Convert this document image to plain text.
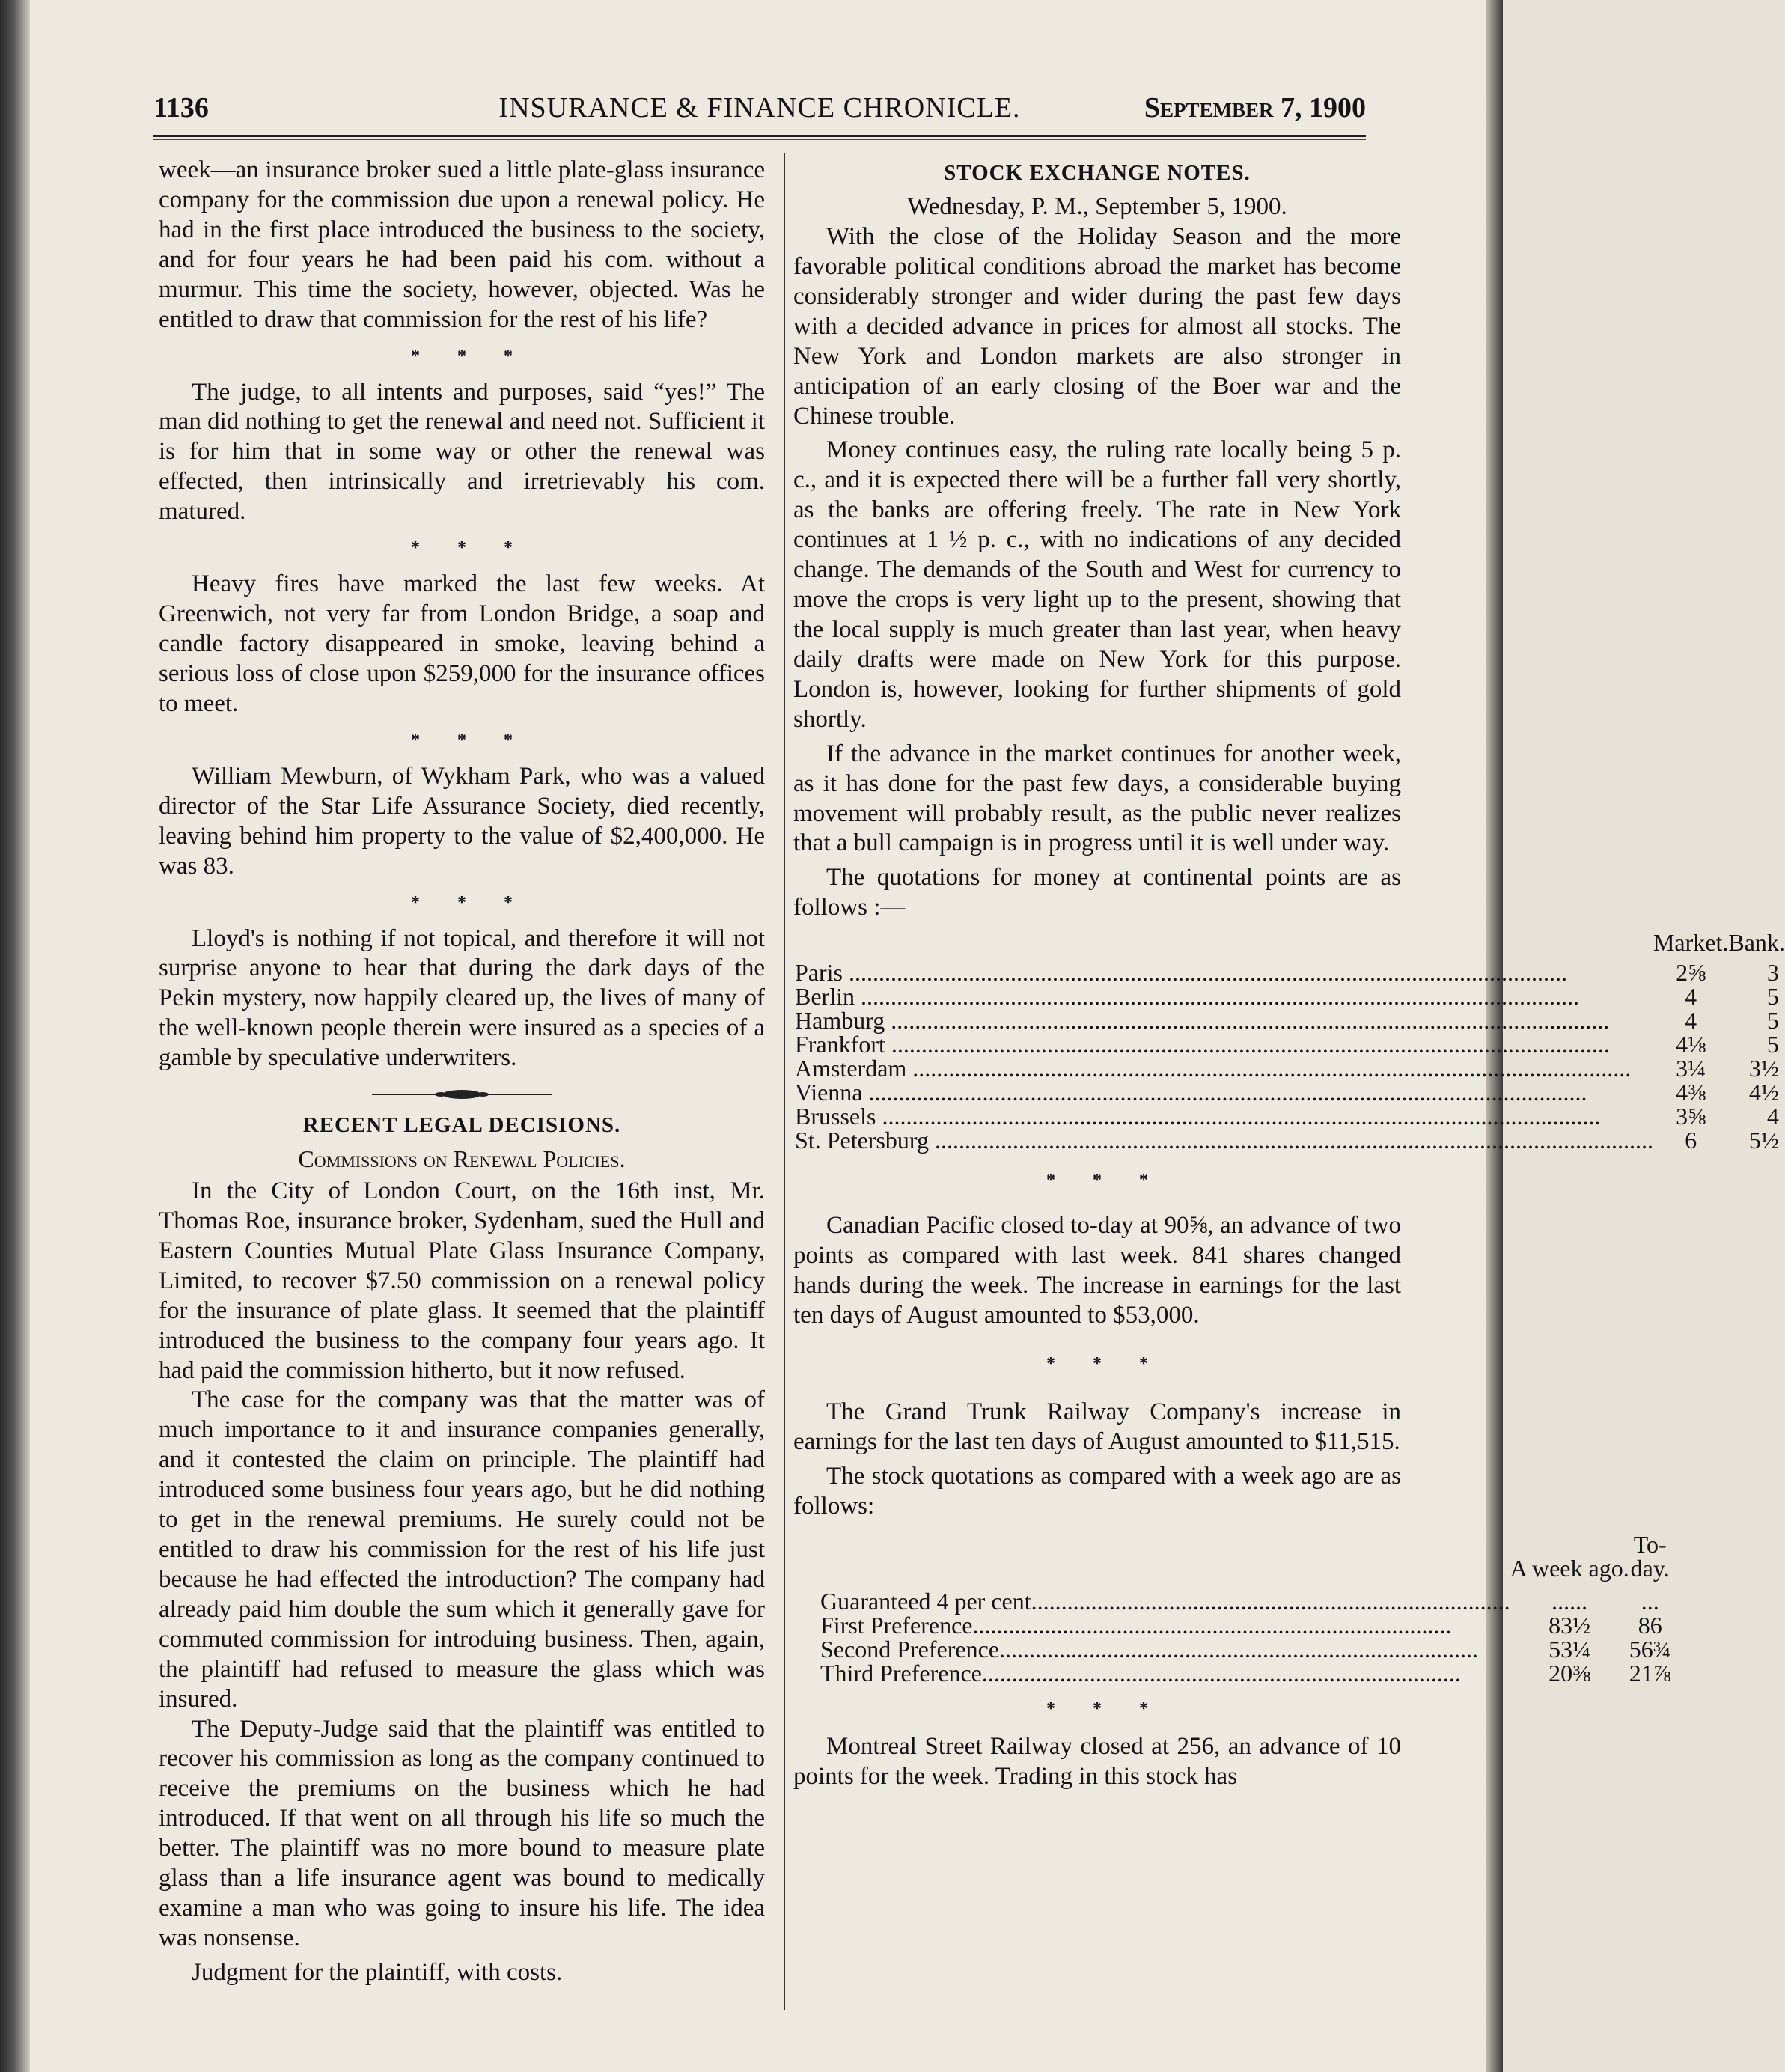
INSURANCE & FINANCE CHRONICLE.
1136	September 7, 1900

week—an insurance broker sued a little plate-glass insurance company for the commission due upon a renewal policy. He had in the first place introduced the business to the society, and for four years he had been paid his com. without a murmur. This time the society, however, objected. Was he entitled to draw that commission for the rest of his life?

* * *

The judge, to all intents and purposes, said “yes!” The man did nothing to get the renewal and need not. Sufficient it is for him that in some way or other the renewal was effected, then intrinsically and irretrievably his com. matured.

* * *

Heavy fires have marked the last few weeks. At Greenwich, not very far from London Bridge, a soap and candle factory disappeared in smoke, leaving behind a serious loss of close upon $259,000 for the insurance offices to meet.

* * *

William Mewburn, of Wykham Park, who was a valued director of the Star Life Assurance Society, died recently, leaving behind him property to the value of $2,400,000. He was 83.

* * *

Lloyd's is nothing if not topical, and therefore it will not surprise anyone to hear that during the dark days of the Pekin mystery, now happily cleared up, the lives of many of the well-known people therein were insured as a species of a gamble by speculative underwriters.

RECENT LEGAL DECISIONS.
Commissions on Renewal Policies.

In the City of London Court, on the 16th inst, Mr. Thomas Roe, insurance broker, Sydenham, sued the Hull and Eastern Counties Mutual Plate Glass Insurance Company, Limited, to recover $7.50 commission on a renewal policy for the insurance of plate glass. It seemed that the plaintiff introduced the business to the company four years ago. It had paid the commission hitherto, but it now refused.

The case for the company was that the matter was of much importance to it and insurance companies generally, and it contested the claim on principle. The plaintiff had introduced some business four years ago, but he did nothing to get in the renewal premiums. He surely could not be entitled to draw his commission for the rest of his life just because he had effected the introduction? The company had already paid him double the sum which it generally gave for commuted commission for introduing business. Then, again, the plaintiff had refused to measure the glass which was insured.

The Deputy-Judge said that the plaintiff was entitled to recover his commission as long as the company continued to receive the premiums on the business which he had introduced. If that went on all through his life so much the better. The plaintiff was no more bound to measure plate glass than a life insurance agent was bound to medically examine a man who was going to insure his life. The idea was nonsense.

Judgment for the plaintiff, with costs.

STOCK EXCHANGE NOTES.

Wednesday, P. M., September 5, 1900.

With the close of the Holiday Season and the more favorable political conditions abroad the market has become considerably stronger and wider during the past few days with a decided advance in prices for almost all stocks. The New York and London markets are also stronger in anticipation of an early closing of the Boer war and the Chinese trouble.

Money continues easy, the ruling rate locally being 5 p. c., and it is expected there will be a further fall very shortly, as the banks are offering freely. The rate in New York continues at 1 ½ p. c., with no indications of any decided change. The demands of the South and West for currency to move the crops is very light up to the present, showing that the local supply is much greater than last year, when heavy daily drafts were made on New York for this purpose. London is, however, looking for further shipments of gold shortly.

If the advance in the market continues for another week, as it has done for the past few days, a considerable buying movement will probably result, as the public never realizes that a bull campaign is in progress until it is well under way.

The quotations for money at continental points are as follows :—

	Market.	Bank.
Paris ........................................................................................................................	2⅝	3
Berlin ........................................................................................................................	4	5
Hamburg ........................................................................................................................	4	5
Frankfort ........................................................................................................................	4⅛	5
Amsterdam ........................................................................................................................	3¼	3½
Vienna ........................................................................................................................	4⅜	4½
Brussels ........................................................................................................................	3⅝	4
St. Petersburg ........................................................................................................................	6	5½
* * *

Canadian Pacific closed to-day at 90⅝, an advance of two points as compared with last week. 841 shares changed hands during the week. The increase in earnings for the last ten days of August amounted to $53,000.

* * *

The Grand Trunk Railway Company's increase in earnings for the last ten days of August amounted to $11,515.

The stock quotations as compared with a week ago are as follows:

	A week ago.	To-day.
Guaranteed 4 per cent................................................................................	......	...
First Preference................................................................................	83½	86
Second Preference................................................................................	53¼	56¾
Third Preference................................................................................	20⅜	21⅞
* * *

Montreal Street Railway closed at 256, an advance of 10 points for the week. Trading in this stock has
